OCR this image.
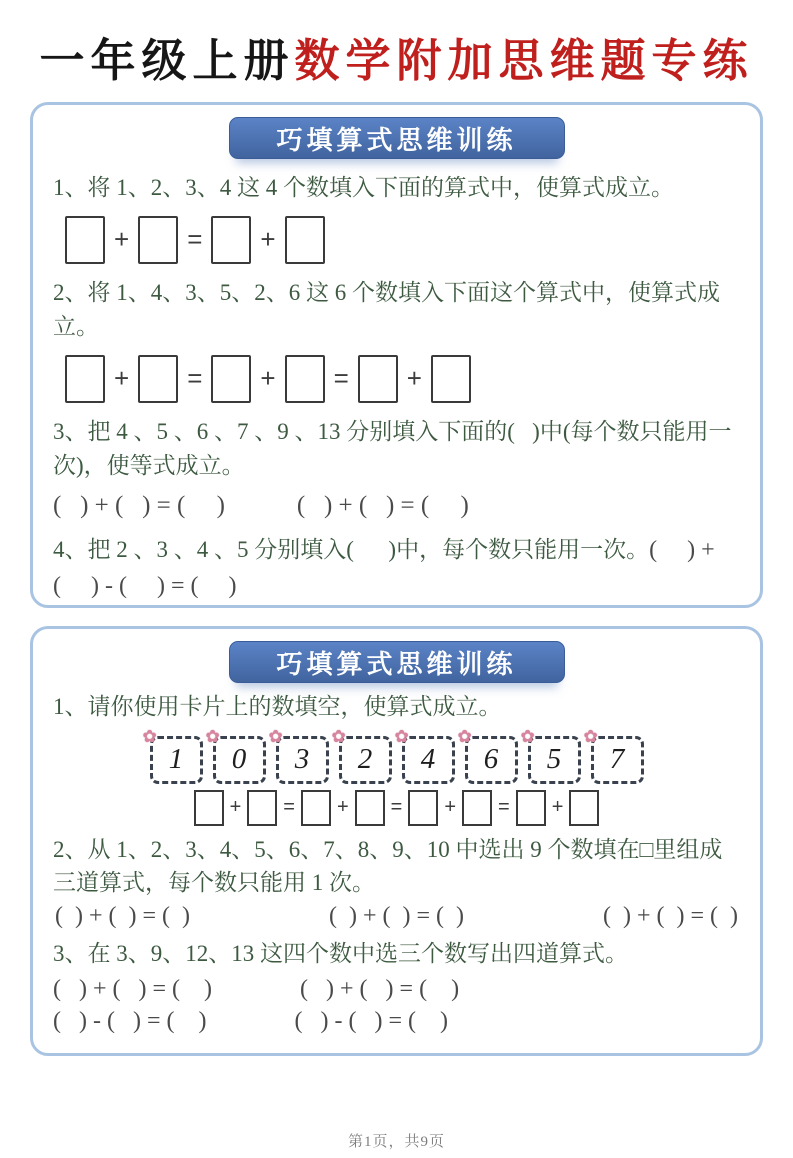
一年级上册数学附加思维题专练
巧填算式思维训练

1、将 1、2、3、4 这 4 个数填入下面的算式中，使算式成立。

+ = +

2、将 1、4、3、5、2、6 这 6 个数填入下面这个算式中，使算式成立。

+ = + = +

3、把 4 、5 、6 、7 、9 、13 分别填入下面的(   )中(每个数只能用一 次)，使等式成立。

(   ) + (   ) = (     )	(   ) + (   ) = (     )

4、把 2 、3 、4 、5 分别填入(      )中，每个数只能用一次。(     ) + (     ) - (     ) = (     )

巧填算式思维训练

1、请你使用卡片上的数填空，使算式成立。

✿
1
✿
0
✿
3
✿
2
✿
4
✿
6
✿
5
✿
7
+ = + = + = +

2、从 1、2、3、4、5、6、7、8、9、10 中选出 9 个数填在□里组成三道算式，每个数只能用 1 次。

(  ) + (  ) = (  )	(  ) + (  ) = (  )	(  ) + (  ) = (  )

3、在 3、9、12、13 这四个数中选三个数写出四道算式。

(   ) + (   ) = (    )	(   ) + (   ) = (    )
(   ) - (   ) = (    )	(   ) - (   ) = (    )
第1页，共9页
